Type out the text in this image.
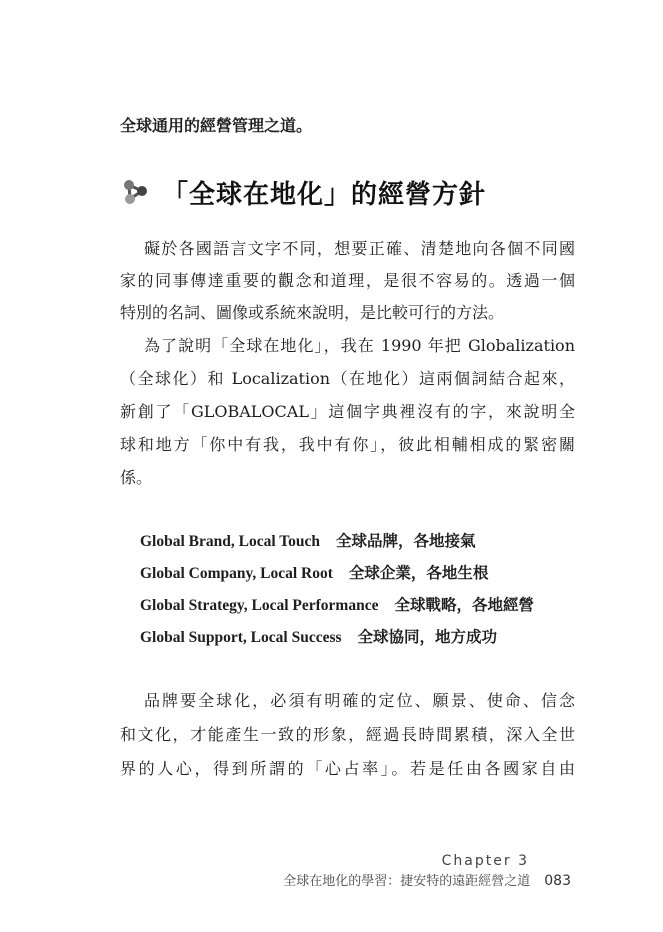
全球通用的經營管理之道。
「全球在地化」的經營方針
礙於各國語言文字不同，想要正確、清楚地向各個不同國
家的同事傳達重要的觀念和道理，是很不容易的。透過一個
特別的名詞、圖像或系統來說明，是比較可行的方法。
為了說明「全球在地化」，我在 1990 年把 Globalization
（全球化）和 Localization（在地化）這兩個詞結合起來，
新創了「GLOBALOCAL」這個字典裡沒有的字，來說明全
球和地方「你中有我，我中有你」，彼此相輔相成的緊密關
係。
Global Brand, Local Touch 全球品牌，各地接氣
Global Company, Local Root 全球企業，各地生根
Global Strategy, Local Performance 全球戰略，各地經營
Global Support, Local Success 全球協同，地方成功
品牌要全球化，必須有明確的定位、願景、使命、信念
和文化，才能產生一致的形象，經過長時間累積，深入全世
界的人心，得到所謂的「心占率」。若是任由各國家自由
Chapter 3
全球在地化的學習：捷安特的遠距經營之道 083
